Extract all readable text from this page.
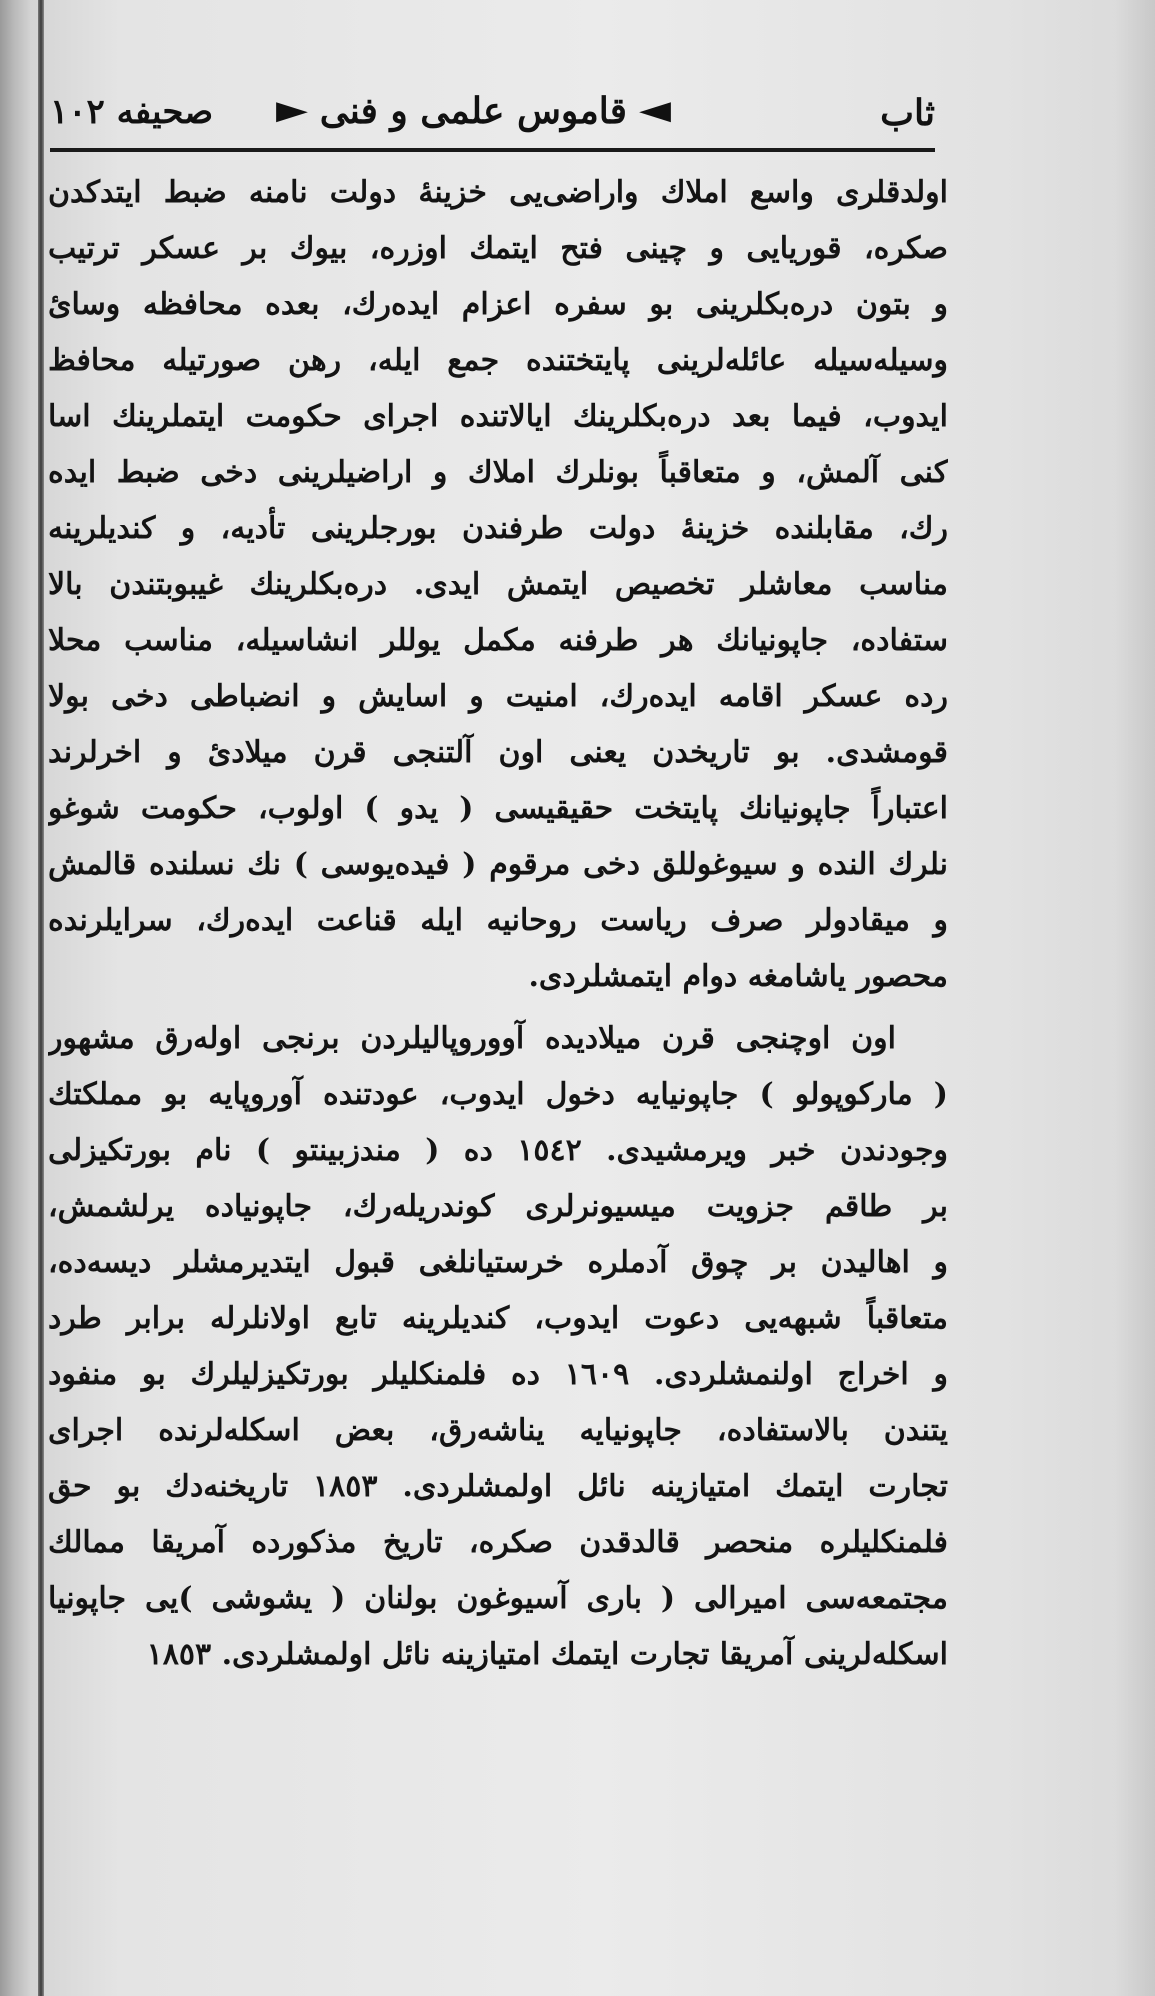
ثاب
◀
قاموس علمى و فنى
▶
صحيفه ١٠٢
اولدقلرى واسع املاك واراضى‌يى خزينهٔ دولت نامنه ضبط ايتدكدن
صكره، قوريايى و چينى فتح ايتمك اوزره، بيوك بر عسكر ترتيب
و بتون دره‌بكلرينى بو سفره اعزام ايده‌رك، بعده محافظه وسائ
وسيله‌سيله عائله‌لرينى پايتختنده جمع ايله، رهن صورتيله محافظ
ايدوب، فيما بعد دره‌بكلرينك ايالاتنده اجراى حكومت ايتملرينك اسا
كنى آلمش، و متعاقباً بونلرك املاك و اراضيلرينى دخى ضبط ايده
رك، مقابلنده خزينهٔ دولت طرفندن بورجلرينى تأديه، و كنديلرينه
مناسب معاشلر تخصيص ايتمش ايدى. دره‌بكلرينك غيبوبتندن بالا
ستفاده، جاپونيانك هر طرفنه مكمل يوللر انشاسيله، مناسب محلا
رده عسكر اقامه ايده‌رك، امنيت و اسايش و انضباطى دخى بولا
قومشدى. بو تاريخدن يعنى اون آلتنجى قرن ميلادى‌ٔ و اخرلرند
اعتباراً جاپونيانك پايتخت حقيقيسى ( يدو ) اولوب، حكومت شوغو
نلرك النده و سيوغوللق دخى مرقوم ( فيده‌يوسى ) نك نسلنده قالمش
و ميقادولر صرف رياست روحانيه ايله قناعت ايده‌رك، سرايلرنده
محصور ياشامغه دوام ايتمشلردى.
اون اوچنجى قرن ميلاديده آووروپاليلردن برنجى اوله‌رق مشهور
( ماركوپولو ) جاپونيايه دخول ايدوب، عودتنده آوروپايه بو مملكتك
وجودندن خبر ويرمشيدى. ١٥٤٢ ده ( مندزبينتو ) نام بورتكيزلى
بر طاقم جزويت ميسيونرلرى كوندريله‌رك، جاپونياده يرلشمش،
و اهاليدن بر چوق آدملره خرستيانلغى قبول ايتديرمشلر ديسه‌ده،
متعاقباً شبهه‌يى دعوت ايدوب، كنديلرينه تابع اولانلرله برابر طرد
و اخراج اولنمشلردى. ١٦٠٩ ده فلمنكليلر بورتكيزليلرك بو منفود
يتندن بالاستفاده، جاپونيايه يناشه‌رق، بعض اسكله‌لرنده اجراى
تجارت ايتمك امتيازينه نائل اولمشلردى. ١٨٥٣ تاريخنه‌دك بو حق
فلمنكليلره منحصر قالدقدن صكره، تاريخ مذكورده آمريقا ممالك
مجتمعه‌سى اميرالى ( بارى آسيوغون بولنان ( يشوشى )يى جاپونيا
اسكله‌لرينى آمريقا تجارت ايتمك امتيازينه نائل اولمشلردى. ١٨٥٣
